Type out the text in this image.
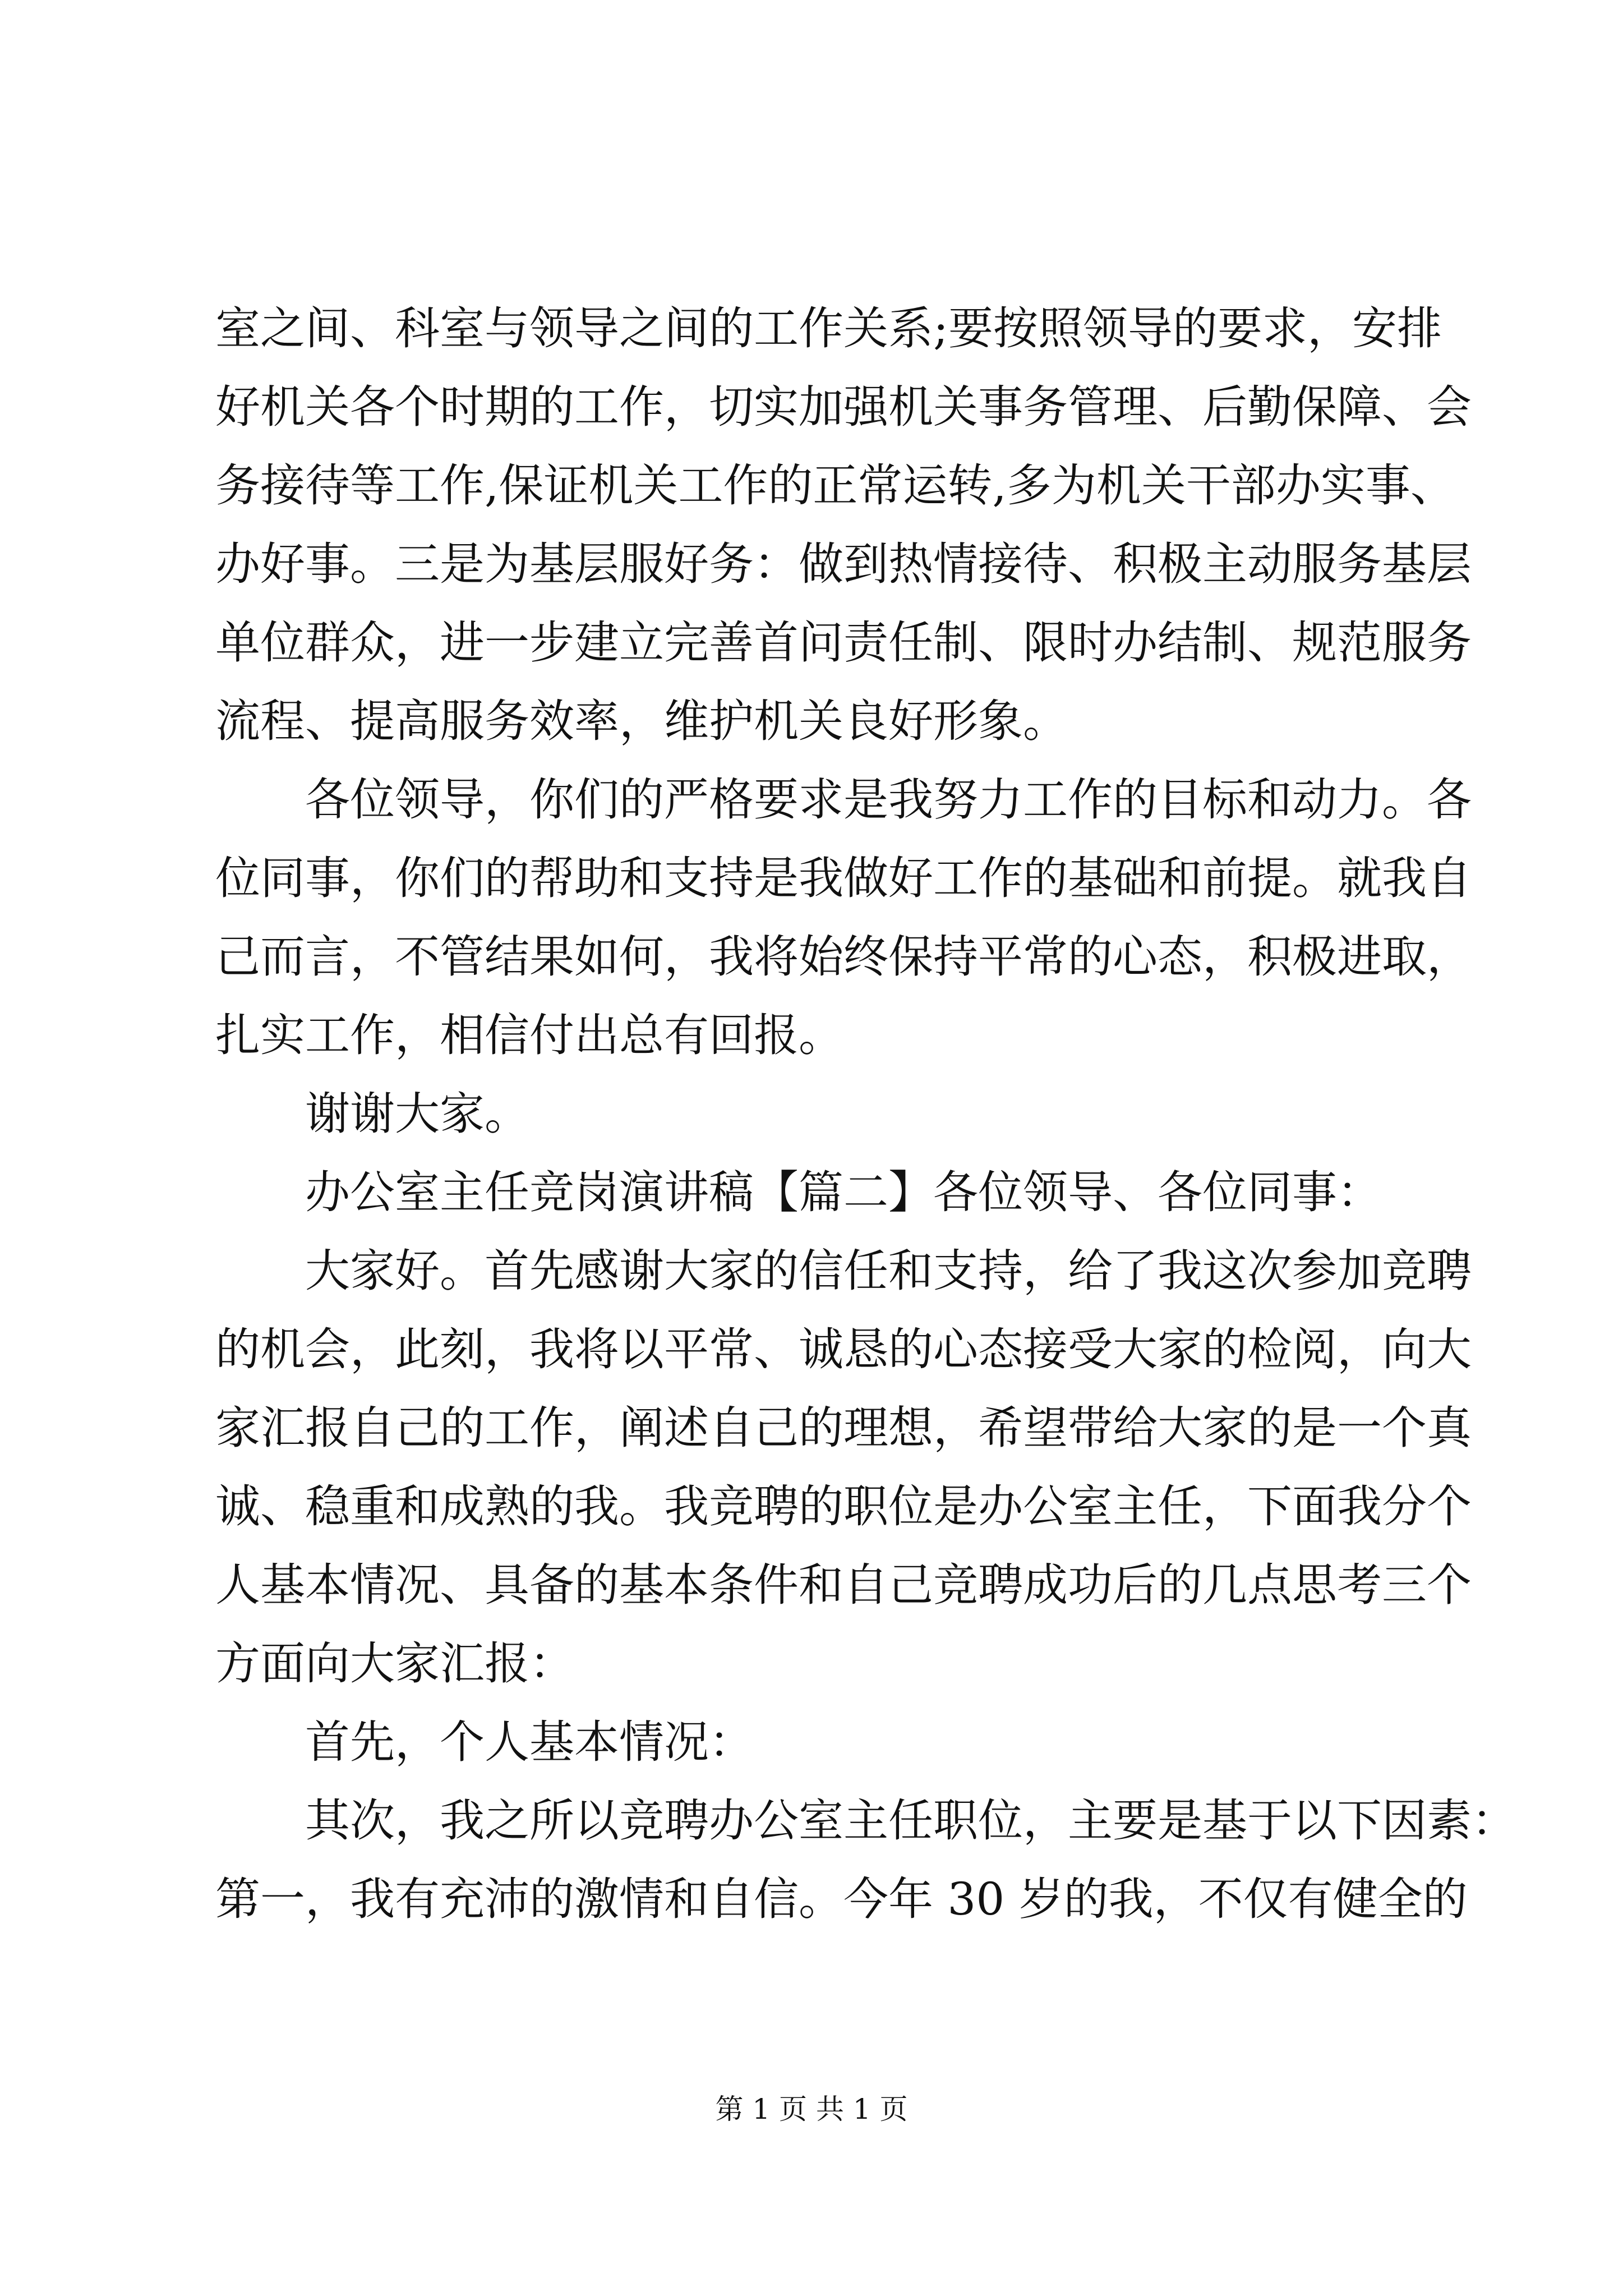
室之间、科室与领导之间的工作关系;要按照领导的要求，安排
好机关各个时期的工作，切实加强机关事务管理、后勤保障、会
务接待等工作,保证机关工作的正常运转,多为机关干部办实事、
办好事。三是为基层服好务：做到热情接待、积极主动服务基层
单位群众，进一步建立完善首问责任制、限时办结制、规范服务
流程、提高服务效率，维护机关良好形象。
各位领导，你们的严格要求是我努力工作的目标和动力。各
位同事，你们的帮助和支持是我做好工作的基础和前提。就我自
己而言，不管结果如何，我将始终保持平常的心态，积极进取，
扎实工作，相信付出总有回报。
谢谢大家。
办公室主任竞岗演讲稿【篇二】各位领导、各位同事：
大家好。首先感谢大家的信任和支持，给了我这次参加竞聘
的机会，此刻，我将以平常、诚恳的心态接受大家的检阅，向大
家汇报自己的工作，阐述自己的理想，希望带给大家的是一个真
诚、稳重和成熟的我。我竞聘的职位是办公室主任，下面我分个
人基本情况、具备的基本条件和自己竞聘成功后的几点思考三个
方面向大家汇报：
首先，个人基本情况：
其次，我之所以竞聘办公室主任职位，主要是基于以下因素：
第一，我有充沛的激情和自信。今年 30 岁的我，不仅有健全的
第 1 页 共 1 页
